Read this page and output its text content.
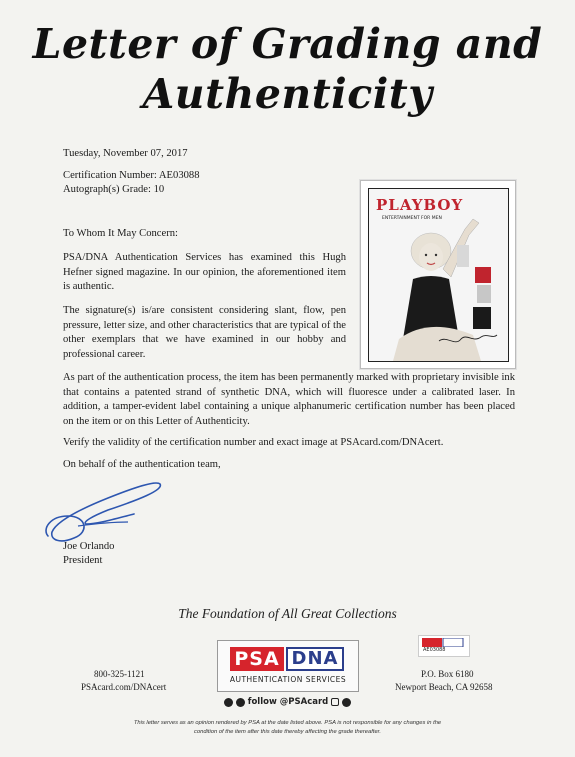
Letter of Grading and
Authenticity
Tuesday, November 07, 2017
Certification Number: AE03088
Autograph(s) Grade: 10
To Whom It May Concern:
PSA/DNA Authentication Services has examined this Hugh Hefner signed magazine. In our opinion, the aforementioned item is authentic.
The signature(s) is/are consistent considering slant, flow, pen pressure, letter size, and other characteristics that are typical of the other exemplars that we have examined in our hobby and professional career.
As part of the authentication process, the item has been permanently marked with proprietary invisible ink that contains a patented strand of synthetic DNA, which will fluoresce under a calibrated laser. In addition, a tamper-evident label containing a unique alphanumeric certification number has been placed on the item or on this Letter of Authenticity.
Verify the validity of the certification number and exact image at PSAcard.com/DNAcert.
On behalf of the authentication team,
Joe Orlando
President
PLAYBOY
ENTERTAINMENT FOR MEN
The Foundation of All Great Collections
800-325-1121
PSAcard.com/DNAcert
P.O. Box 6180
Newport Beach, CA 92658
PSA DNA
AUTHENTICATION SERVICES
follow @PSAcard
AE03088
This letter serves as an opinion rendered by PSA at the date listed above. PSA is not responsible for any changes in the
condition of the item after this date thereby affecting the grade thereafter.
